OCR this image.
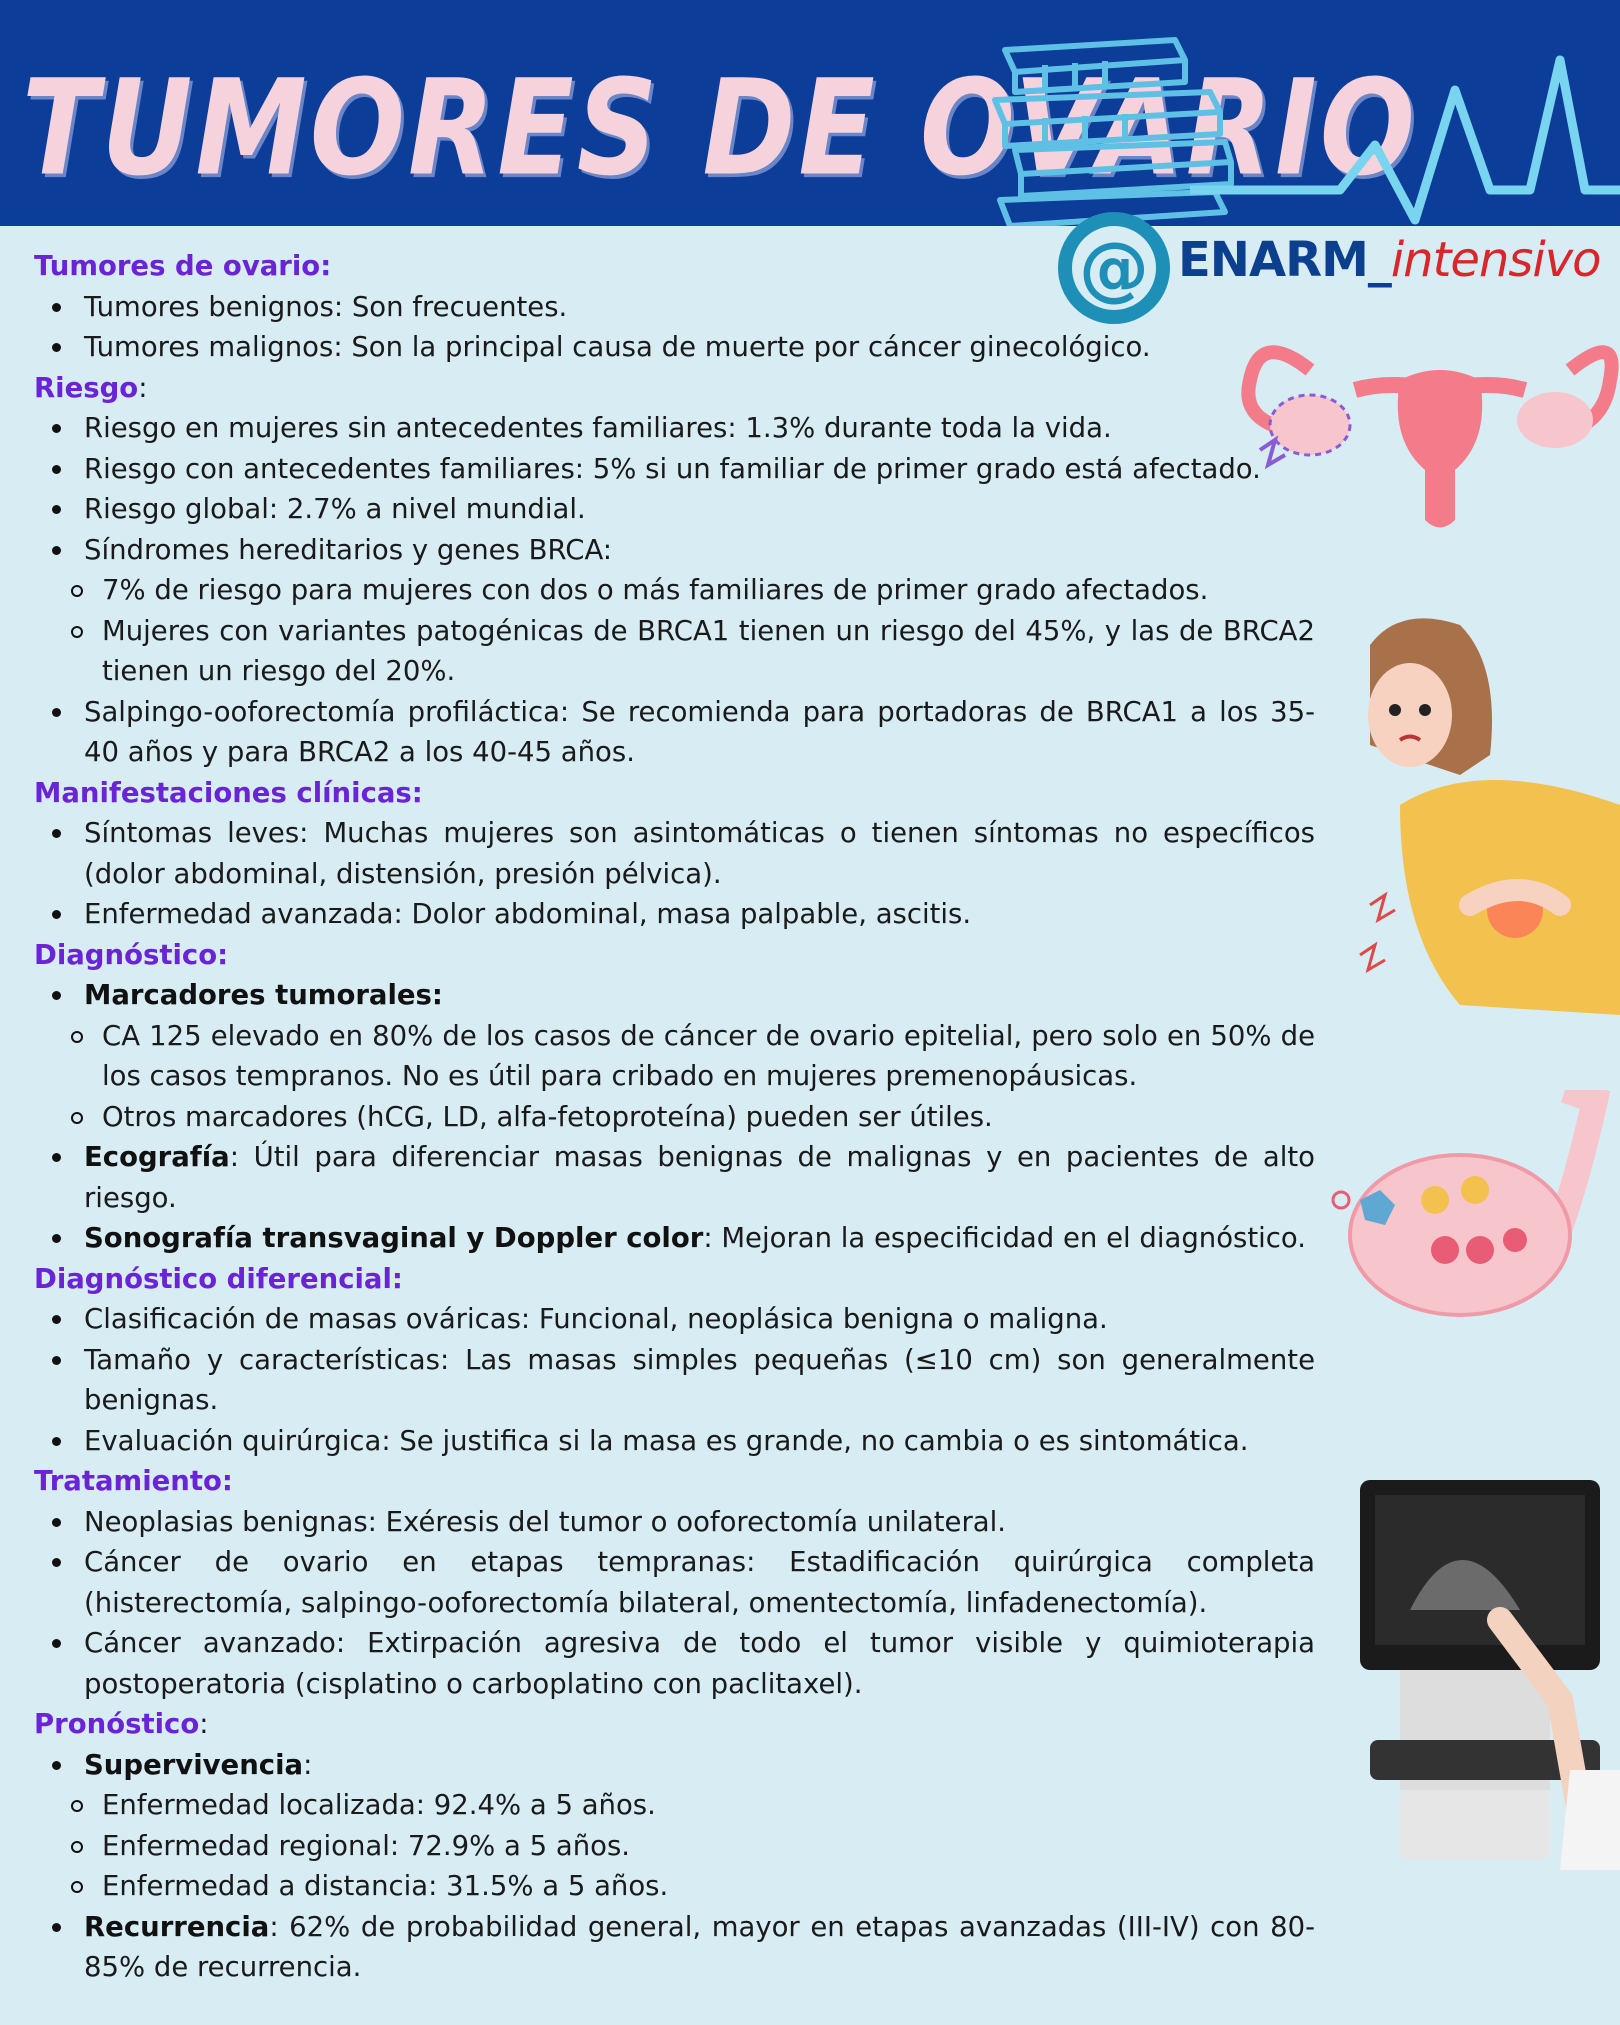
TUMORES DE OVARIO
@ ENARM_intensivo
Tumores de ovario:
Tumores benignos: Son frecuentes.
Tumores malignos: Son la principal causa de muerte por cáncer ginecológico.
Riesgo:
Riesgo en mujeres sin antecedentes familiares: 1.3% durante toda la vida.
Riesgo con antecedentes familiares: 5% si un familiar de primer grado está afectado.
Riesgo global: 2.7% a nivel mundial.
Síndromes hereditarios y genes BRCA:
7% de riesgo para mujeres con dos o más familiares de primer grado afectados.
Mujeres con variantes patogénicas de BRCA1 tienen un riesgo del 45%, y las de BRCA2 tienen un riesgo del 20%.
Salpingo-ooforectomía profiláctica: Se recomienda para portadoras de BRCA1 a los 35-40 años y para BRCA2 a los 40-45 años.
Manifestaciones clínicas:
Síntomas leves: Muchas mujeres son asintomáticas o tienen síntomas no específicos (dolor abdominal, distensión, presión pélvica).
Enfermedad avanzada: Dolor abdominal, masa palpable, ascitis.
Diagnóstico:
Marcadores tumorales:
CA 125 elevado en 80% de los casos de cáncer de ovario epitelial, pero solo en 50% de los casos tempranos. No es útil para cribado en mujeres premenopáusicas.
Otros marcadores (hCG, LD, alfa-fetoproteína) pueden ser útiles.
Ecografía: Útil para diferenciar masas benignas de malignas y en pacientes de alto riesgo.
Sonografía transvaginal y Doppler color: Mejoran la especificidad en el diagnóstico.
Diagnóstico diferencial:
Clasificación de masas ováricas: Funcional, neoplásica benigna o maligna.
Tamaño y características: Las masas simples pequeñas (≤10 cm) son generalmente benignas.
Evaluación quirúrgica: Se justifica si la masa es grande, no cambia o es sintomática.
Tratamiento:
Neoplasias benignas: Exéresis del tumor o ooforectomía unilateral.
Cáncer de ovario en etapas tempranas: Estadificación quirúrgica completa (histerectomía, salpingo-ooforectomía bilateral, omentectomía, linfadenectomía).
Cáncer avanzado: Extirpación agresiva de todo el tumor visible y quimioterapia postoperatoria (cisplatino o carboplatino con paclitaxel).
Pronóstico:
Supervivencia:
Enfermedad localizada: 92.4% a 5 años.
Enfermedad regional: 72.9% a 5 años.
Enfermedad a distancia: 31.5% a 5 años.
Recurrencia: 62% de probabilidad general, mayor en etapas avanzadas (III-IV) con 80-85% de recurrencia.
